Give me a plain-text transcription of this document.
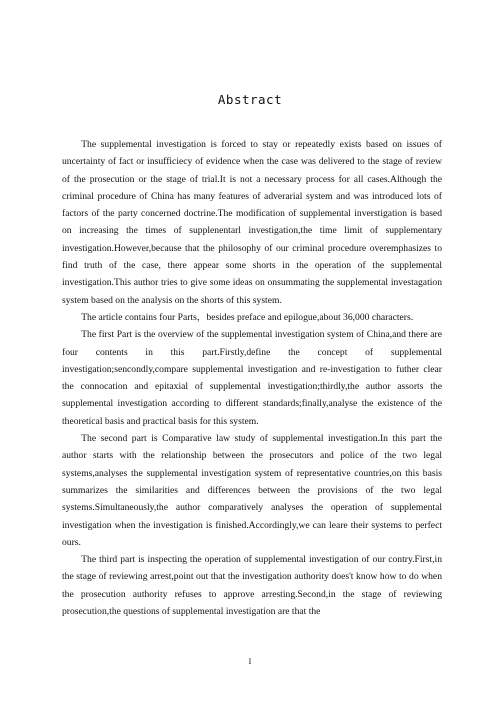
Abstract

The supplemental investigation is forced to stay or repeatedly exists based on issues of uncertainty of fact or insufficiecy of evidence when the case was delivered to the stage of review of the prosecution or the stage of trial.It is not a necessary process for all cases.Although the criminal procedure of China has many features of adverarial system and was introduced lots of factors of the party concerned doctrine.The modification of supplemental inverstigation is based on increasing the times of supplenentarl investigation,the time limit of supplementary investigation.However,because that the philosophy of our criminal procedure overemphasizes to find truth of the case, there appear some shorts in the operation of the supplemental investigation.This author tries to give some ideas on onsummating the supplemental investagation system based on the analysis on the shorts of this system.

The article contains four Parts，besides preface and epilogue,about 36,000 characters.

The first Part is the overview of the supplemental investigation system of China,and there are four contents in this part.Firstly,define the concept of supplemental investigation;sencondly,compare supplemental investigation and re-investigation to futher clear the connocation and epitaxial of supplemental investigation;thirdly,the author assorts the supplemental investigation according to different standards;finally,analyse the existence of the theoretical basis and practical basis for this system.

The second part is Comparative law study of supplemental investigation.In this part the author starts with the relationship between the prosecutors and police of the two legal systems,analyses the supplemental investigation system of representative countries,on this basis summarizes the similarities and differences between the provisions of the two legal systems.Simultaneously,the author comparatively analyses the operation of supplemental investigation when the investigation is finished.Accordingly,we can leare their systems to perfect ours.

The third part is inspecting the operation of supplemental investigation of our contry.First,in the stage of reviewing arrest,point out that the investigation authority does't know how to do when the prosecution authority refuses to approve arresting.Second,in the stage of reviewing prosecution,the questions of supplemental investigation are that the

I
